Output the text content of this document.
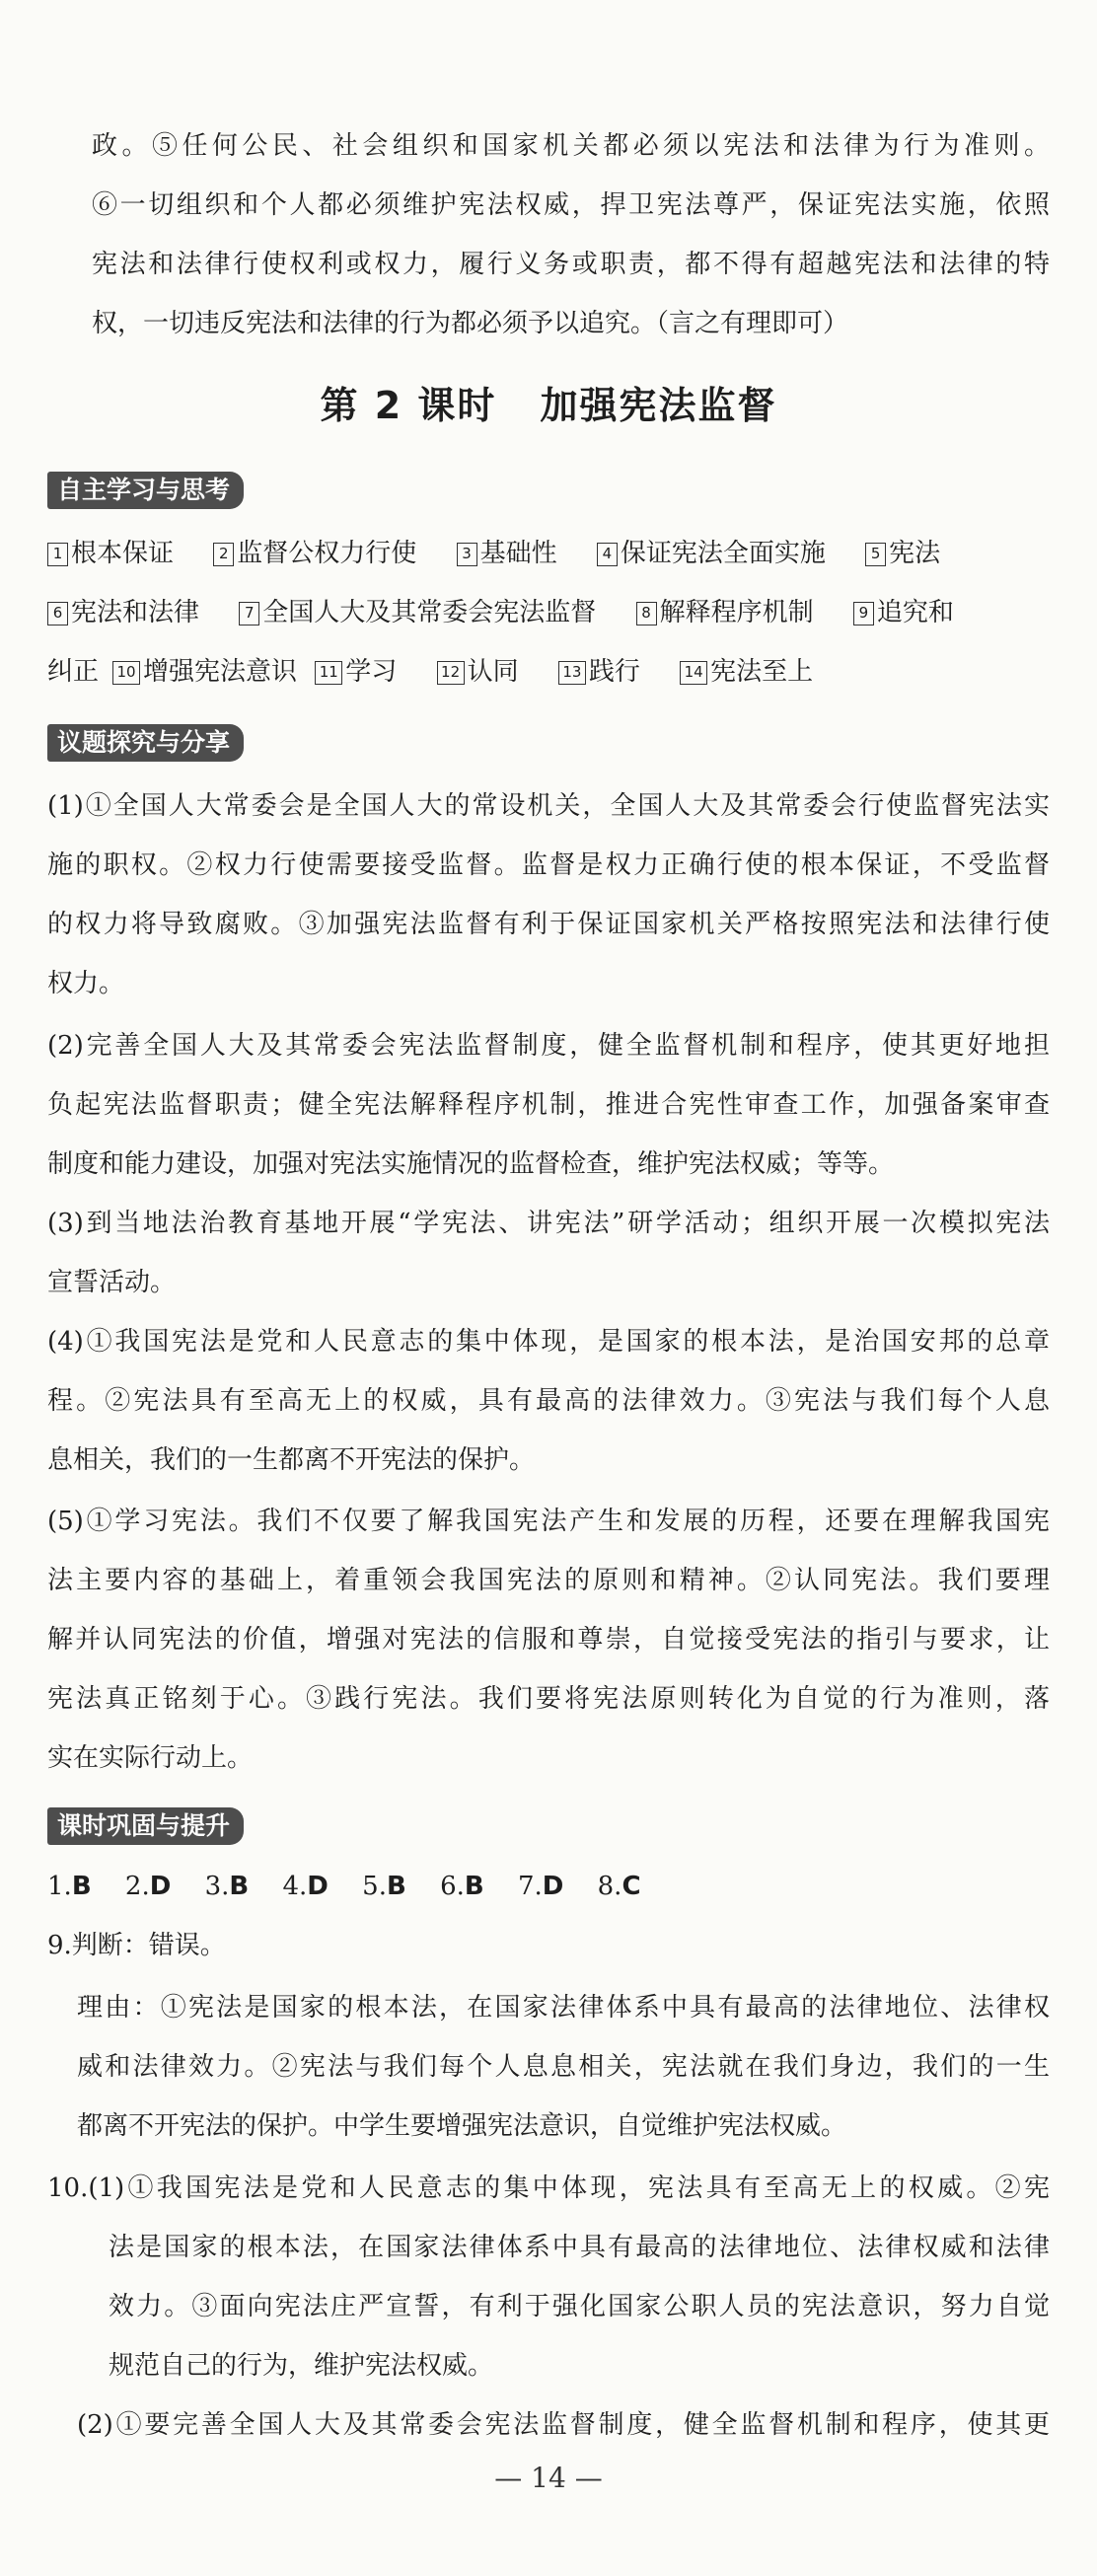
政。⑤任何公民、社会组织和国家机关都必须以宪法和法律为行为准则。
⑥一切组织和个人都必须维护宪法权威，捍卫宪法尊严，保证宪法实施，依照
宪法和法律行使权利或权力，履行义务或职责，都不得有超越宪法和法律的特
权，一切违反宪法和法律的行为都必须予以追究。（言之有理即可）
第 2 课时 加强宪法监督
自主学习与思考
1 根本保证	2 监督公权力行使	3 基础性	4 保证宪法全面实施	5 宪法
6 宪法和法律	7 全国人大及其常委会宪法监督	8 解释程序机制	9 追究和
纠正 10 增强宪法意识 11 学习	12 认同	13 践行	14 宪法至上
议题探究与分享
(1)①全国人大常委会是全国人大的常设机关，全国人大及其常委会行使监督宪法实
施的职权。②权力行使需要接受监督。监督是权力正确行使的根本保证，不受监督
的权力将导致腐败。③加强宪法监督有利于保证国家机关严格按照宪法和法律行使
权力。
(2)完善全国人大及其常委会宪法监督制度，健全监督机制和程序，使其更好地担
负起宪法监督职责；健全宪法解释程序机制，推进合宪性审查工作，加强备案审查
制度和能力建设，加强对宪法实施情况的监督检查，维护宪法权威；等等。
(3)到当地法治教育基地开展“学宪法、讲宪法”研学活动；组织开展一次模拟宪法
宣誓活动。
(4)①我国宪法是党和人民意志的集中体现，是国家的根本法，是治国安邦的总章
程。②宪法具有至高无上的权威，具有最高的法律效力。③宪法与我们每个人息
息相关，我们的一生都离不开宪法的保护。
(5)①学习宪法。我们不仅要了解我国宪法产生和发展的历程，还要在理解我国宪
法主要内容的基础上，着重领会我国宪法的原则和精神。②认同宪法。我们要理
解并认同宪法的价值，增强对宪法的信服和尊崇，自觉接受宪法的指引与要求，让
宪法真正铭刻于心。③践行宪法。我们要将宪法原则转化为自觉的行为准则，落
实在实际行动上。
课时巩固与提升
1.B 2.D 3.B 4.D 5.B 6.B 7.D 8.C
9.判断：错误。
理由：①宪法是国家的根本法，在国家法律体系中具有最高的法律地位、法律权
威和法律效力。②宪法与我们每个人息息相关，宪法就在我们身边，我们的一生
都离不开宪法的保护。中学生要增强宪法意识，自觉维护宪法权威。
10.(1)①我国宪法是党和人民意志的集中体现，宪法具有至高无上的权威。②宪
法是国家的根本法，在国家法律体系中具有最高的法律地位、法律权威和法律
效力。③面向宪法庄严宣誓，有利于强化国家公职人员的宪法意识，努力自觉
规范自己的行为，维护宪法权威。
(2)①要完善全国人大及其常委会宪法监督制度，健全监督机制和程序，使其更
— 14 —
